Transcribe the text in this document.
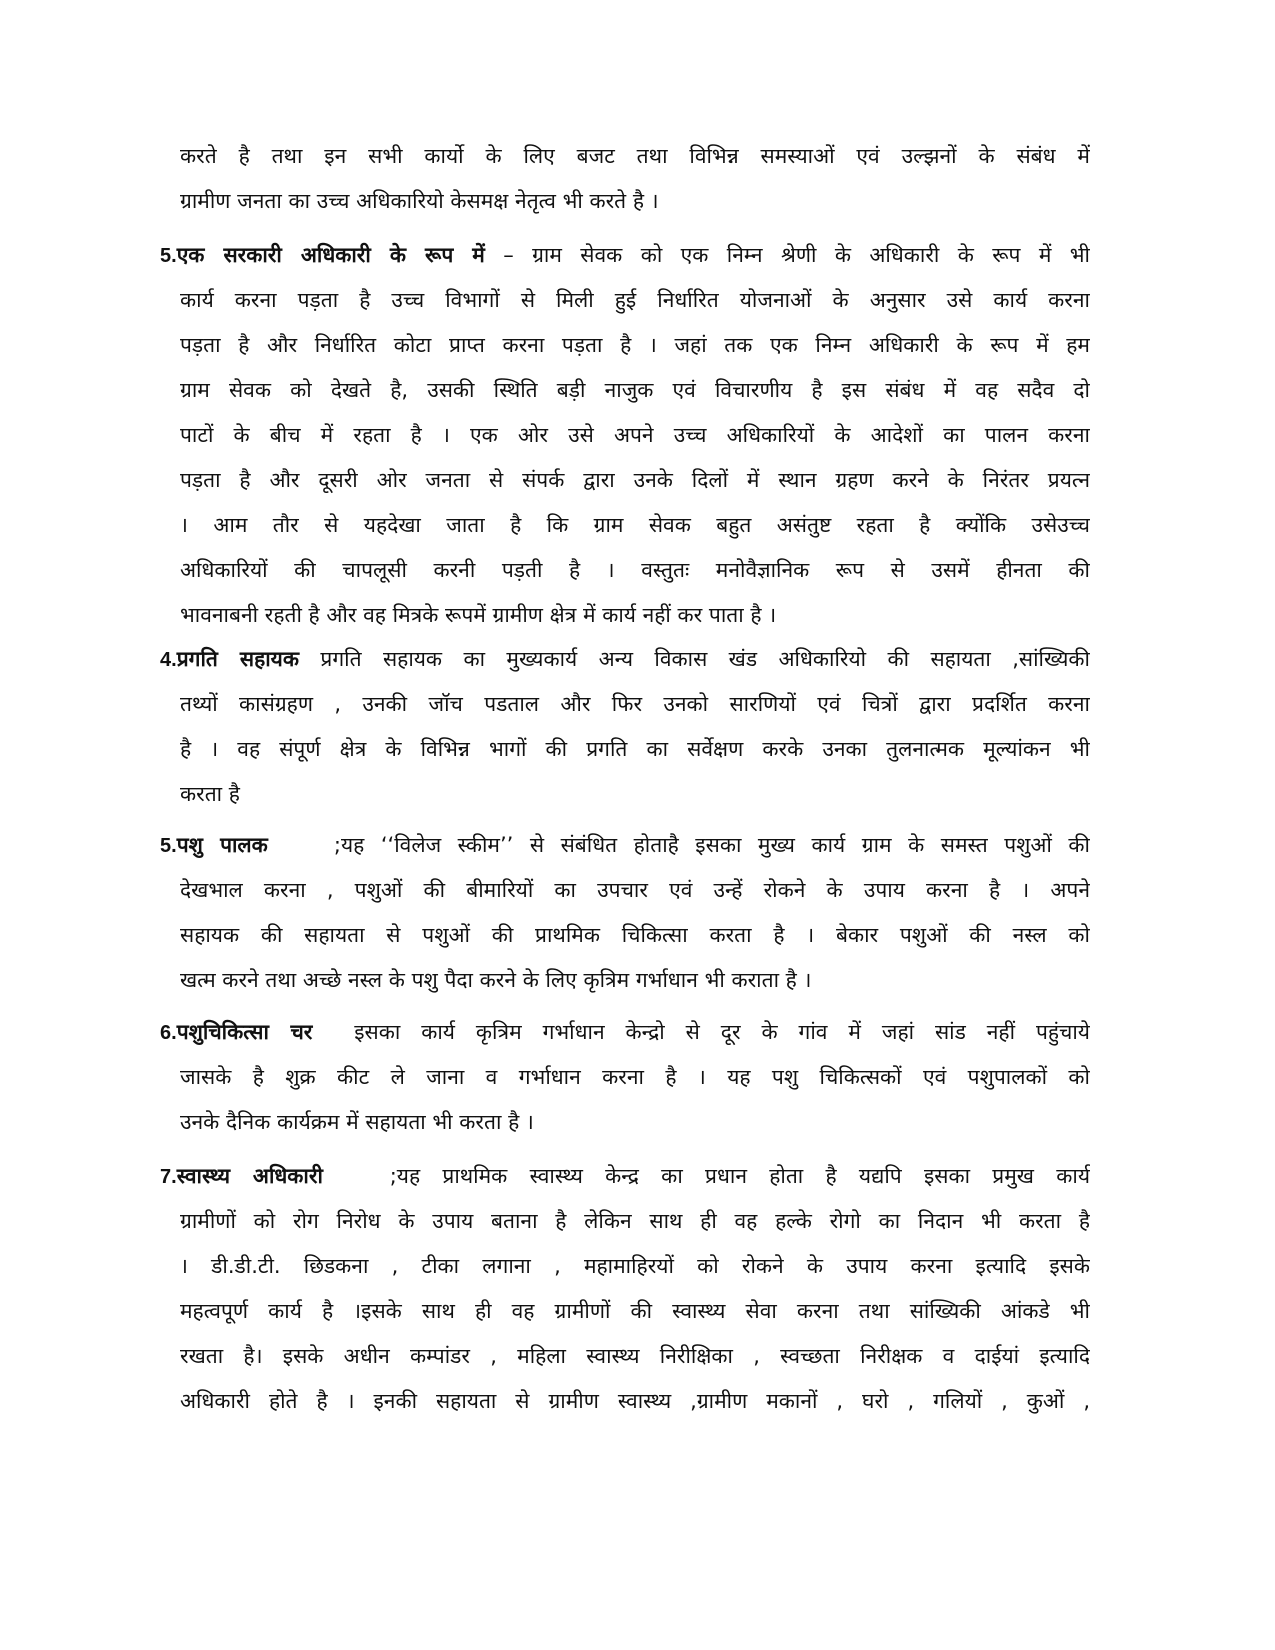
करते है तथा इन सभी कार्यो के लिए बजट तथा विभिन्न समस्याओं एवं उल्झनों के संबंध में
ग्रामीण जनता का उच्च अधिकारियो केसमक्ष नेतृत्व भी करते है ।
5.एक सरकारी अधिकारी के रूप में – ग्राम सेवक को एक निम्न श्रेणी के अधिकारी के रूप में भी
कार्य करना पड़ता है उच्च विभागों से मिली हुई निर्धारित योजनाओं के अनुसार उसे कार्य करना
पड़ता है और निर्धारित कोटा प्राप्त करना पड़ता है । जहां तक एक निम्न अधिकारी के रूप में हम
ग्राम सेवक को देखते है, उसकी स्थिति बड़ी नाजुक एवं विचारणीय है इस संबंध में वह सदैव दो
पाटों के बीच में रहता है । एक ओर उसे अपने उच्च अधिकारियों के आदेशों का पालन करना
पड़ता है और दूसरी ओर जनता से संपर्क द्वारा उनके दिलों में स्थान ग्रहण करने के निरंतर प्रयत्न
। आम तौर से यहदेखा जाता है कि ग्राम सेवक बहुत असंतुष्ट रहता है क्योंकि उसेउच्च
अधिकारियों की चापलूसी करनी पड़ती है । वस्तुतः मनोवैज्ञानिक रूप से उसमें हीनता की
भावनाबनी रहती है और वह मित्रके रूपमें ग्रामीण क्षेत्र में कार्य नहीं कर पाता है ।
4.प्रगति सहायक प्रगति सहायक का मुख्यकार्य अन्य विकास खंड अधिकारियो की सहायता ,सांख्यिकी
तथ्यों कासंग्रहण , उनकी जॉच पडताल और फिर उनको सारणियों एवं चित्रों द्वारा प्रदर्शित करना
है । वह संपूर्ण क्षेत्र के विभिन्न भागों की प्रगति का सर्वेक्षण करके उनका तुलनात्मक मूल्यांकन भी
करता है
5.पशु पालक    ;यह ‘‘विलेज स्कीम’’ से संबंधित होताहै इसका मुख्य कार्य ग्राम के समस्त पशुओं की
देखभाल करना , पशुओं की बीमारियों का उपचार एवं उन्हें रोकने के उपाय करना है । अपने
सहायक की सहायता से पशुओं की प्राथमिक चिकित्सा करता है । बेकार पशुओं की नस्ल को
खत्म करने तथा अच्छे नस्ल के पशु पैदा करने के लिए कृत्रिम गर्भाधान भी कराता है ।
6.पशुचिकित्सा चर  इसका कार्य कृत्रिम गर्भाधान केन्द्रो से दूर के गांव में जहां सांड नहीं पहुंचाये
जासके है शुक्र कीट ले जाना व गर्भाधान करना है । यह पशु चिकित्सकों एवं पशुपालकों को
उनके दैनिक कार्यक्रम में सहायता भी करता है ।
7.स्वास्थ्य अधिकारी   ;यह प्राथमिक स्वास्थ्य केन्द्र का प्रधान होता है यद्यपि इसका प्रमुख कार्य
ग्रामीणों को रोग निरोध के उपाय बताना है लेकिन साथ ही वह हल्के रोगो का निदान भी करता है
। डी.डी.टी. छिडकना , टीका लगाना , महामाहिरयों को रोकने के उपाय करना इत्यादि इसके
महत्वपूर्ण कार्य है ।इसके साथ ही वह ग्रामीणों की स्वास्थ्य सेवा करना तथा सांख्यिकी आंकडे भी
रखता है। इसके अधीन कम्पांडर , महिला स्वास्थ्य निरीक्षिका , स्वच्छता निरीक्षक व दाईयां इत्यादि
अधिकारी होते है । इनकी सहायता से ग्रामीण स्वास्थ्य ,ग्रामीण मकानों , घरो , गलियों , कुओं ,
